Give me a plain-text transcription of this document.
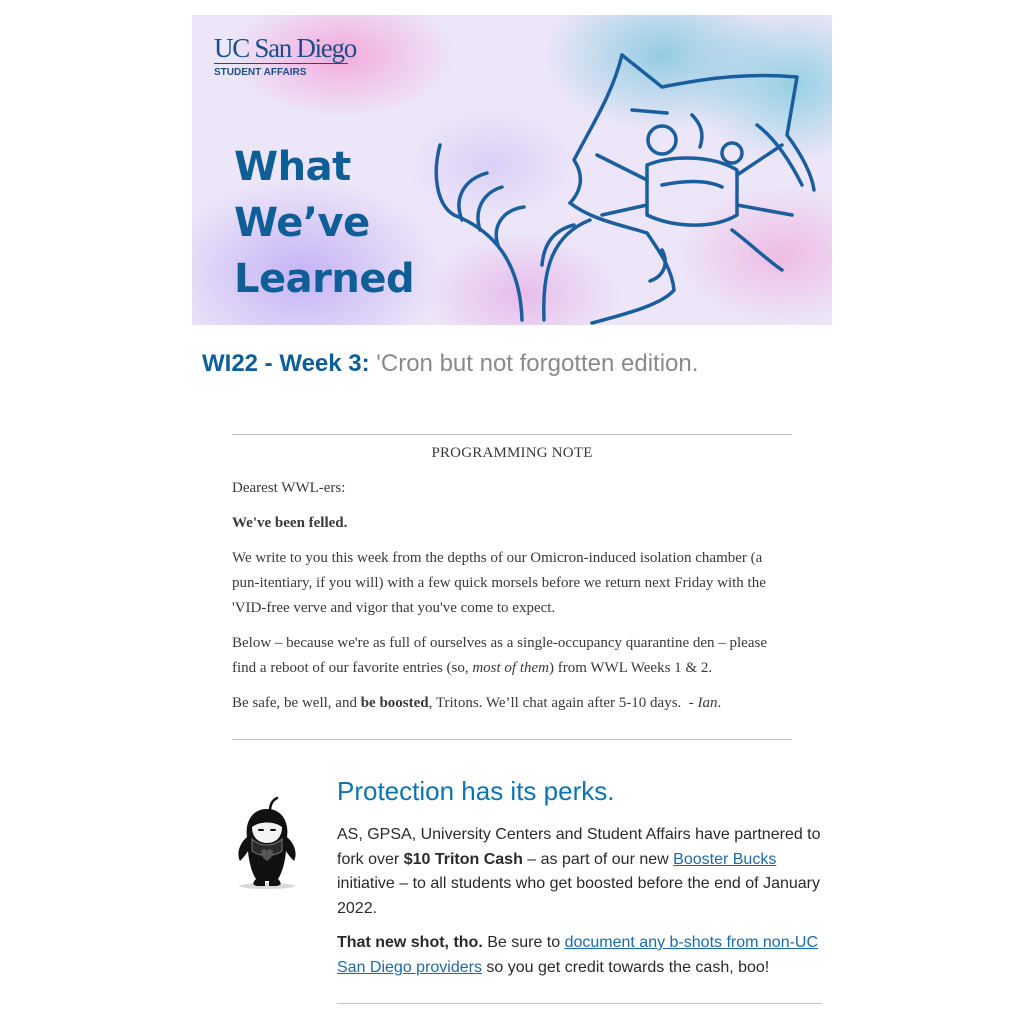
UC San Diego
STUDENT AFFAIRS
What
We’ve
Learned
WI22 - Week 3: 'Cron but not forgotten edition.
PROGRAMMING NOTE

Dearest WWL-ers:

We've been felled.

We write to you this week from the depths of our Omicron-induced isolation chamber (a pun-itentiary, if you will) with a few quick morsels before we return next Friday with the 'VID-free verve and vigor that you've come to expect.

Below – because we're as full of ourselves as a single-occupancy quarantine den – please find a reboot of our favorite entries (so, most of them) from WWL Weeks 1 & 2.

Be safe, be well, and be boosted, Tritons. We’ll chat again after 5-10 days.  - Ian.

Protection has its perks.

AS, GPSA, University Centers and Student Affairs have partnered to fork over $10 Triton Cash – as part of our new Booster Bucks initiative – to all students who get boosted before the end of January 2022.

That new shot, tho. Be sure to document any b-shots from non-UC San Diego providers so you get credit towards the cash, boo!
